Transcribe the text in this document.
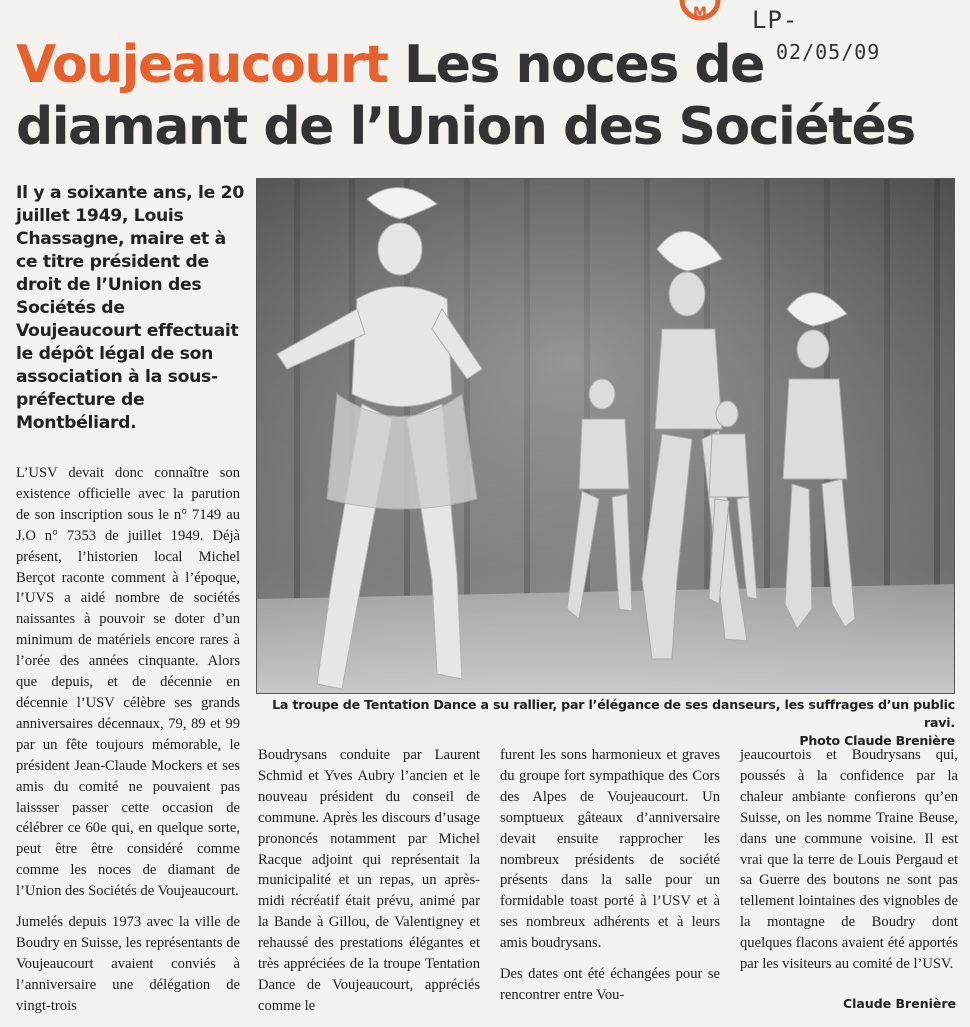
M LP-
02/05/09
Voujeaucourt Les noces de diamant de l’Union des Sociétés
Il y a soixante ans, le 20 juillet 1949, Louis Chassagne, maire et à ce titre président de droit de l’Union des Sociétés de Voujeaucourt effectuait le dépôt légal de son association à la sous-préfecture de Montbéliard.

L’USV devait donc connaître son existence officielle avec la parution de son inscription sous le n° 7149 au J.O n° 7353 de juillet 1949. Déjà présent, l’historien local Michel Berçot raconte comment à l’époque, l’UVS a aidé nombre de sociétés naissantes à pouvoir se doter d’un minimum de matériels encore rares à l’orée des années cinquante. Alors que depuis, et de décennie en décennie l’USV célèbre ses grands anniversaires décennaux, 79, 89 et 99 par un fête toujours mémorable, le président Jean-Claude Mockers et ses amis du comité ne pouvaient pas laissser passer cette occasion de célébrer ce 60e qui, en quelque sorte, peut être être considéré comme comme les noces de diamant de l’Union des Sociétés de Voujeaucourt.

Jumelés depuis 1973 avec la ville de Boudry en Suisse, les représentants de Voujeaucourt avaient conviés à l’anniversaire une délégation de vingt-trois

La troupe de Tentation Dance a su rallier, par l’élégance de ses danseurs, les suffrages d’un public ravi.
Photo Claude Brenière

Boudrysans conduite par Laurent Schmid et Yves Aubry l’ancien et le nouveau président du conseil de commune. Après les discours d’usage prononcés notamment par Michel Racque adjoint qui représentait la municipalité et un repas, un après-midi récréatif était prévu, animé par la Bande à Gillou, de Valentigney et rehaussé des prestations élégantes et très appréciées de la troupe Tentation Dance de Voujeaucourt, appréciés comme le

furent les sons harmonieux et graves du groupe fort sympathique des Cors des Alpes de Voujeaucourt. Un somptueux gâteaux d’anniversaire devait ensuite rapprocher les nombreux présidents de société présents dans la salle pour un formidable toast porté à l’USV et à ses nombreux adhérents et à leurs amis boudrysans.

Des dates ont été échangées pour se rencontrer entre Vou-

jeaucourtois et Boudrysans qui, poussés à la confidence par la chaleur ambiante confierons qu’en Suisse, on les nomme Traine Beuse, dans une commune voisine. Il est vrai que la terre de Louis Pergaud et sa Guerre des boutons ne sont pas tellement lointaines des vignobles de la montagne de Boudry dont quelques flacons avaient été apportés par les visiteurs au comité de l’USV.

Claude Brenière
